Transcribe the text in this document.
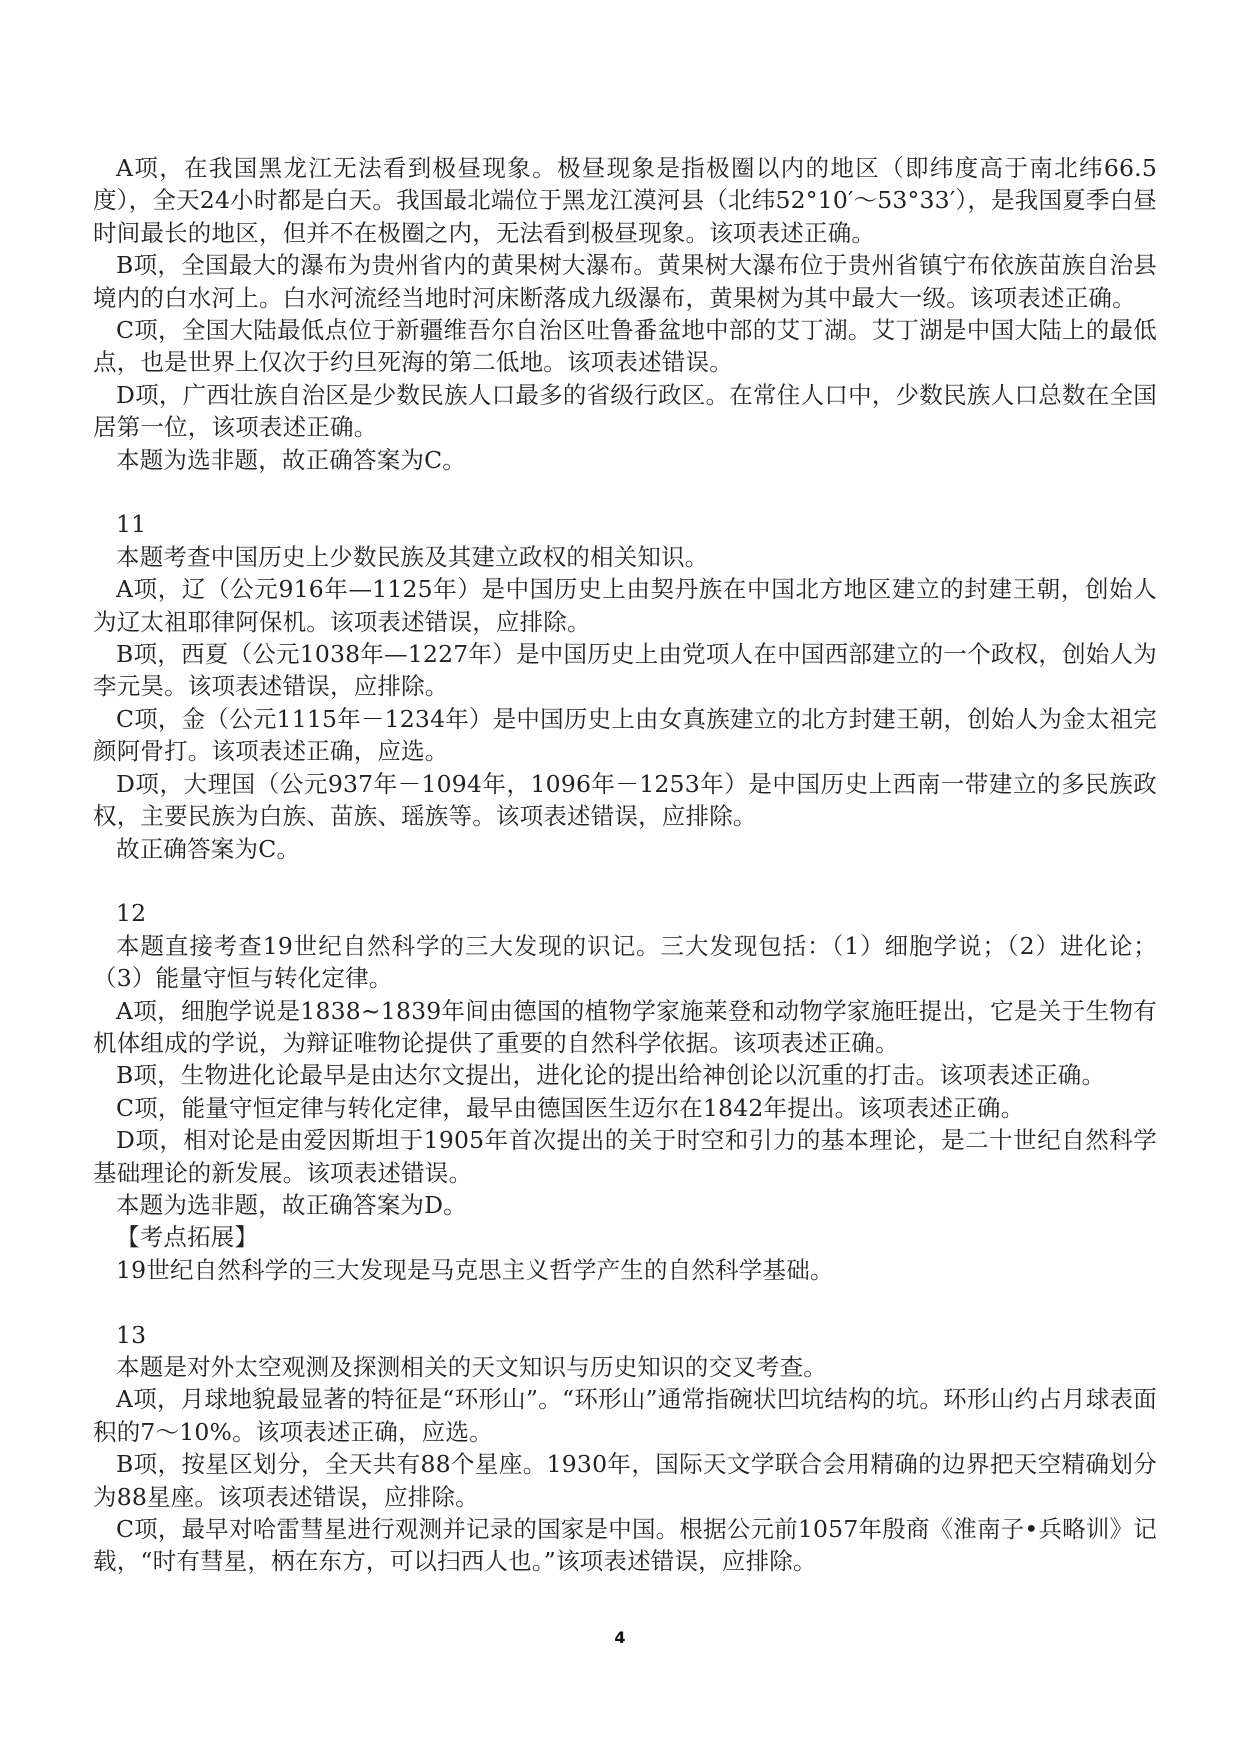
A项，在我国黑龙江无法看到极昼现象。极昼现象是指极圈以内的地区（即纬度高于南北纬66.5度），全天24小时都是白天。我国最北端位于黑龙江漠河县（北纬52°10′～53°33′），是我国夏季白昼时间最长的地区，但并不在极圈之内，无法看到极昼现象。该项表述正确。

B项，全国最大的瀑布为贵州省内的黄果树大瀑布。黄果树大瀑布位于贵州省镇宁布依族苗族自治县境内的白水河上。白水河流经当地时河床断落成九级瀑布，黄果树为其中最大一级。该项表述正确。

C项，全国大陆最低点位于新疆维吾尔自治区吐鲁番盆地中部的艾丁湖。艾丁湖是中国大陆上的最低点，也是世界上仅次于约旦死海的第二低地。该项表述错误。

D项，广西壮族自治区是少数民族人口最多的省级行政区。在常住人口中，少数民族人口总数在全国居第一位，该项表述正确。

本题为选非题，故正确答案为C。

11

本题考查中国历史上少数民族及其建立政权的相关知识。

A项，辽（公元916年—1125年）是中国历史上由契丹族在中国北方地区建立的封建王朝，创始人为辽太祖耶律阿保机。该项表述错误，应排除。

B项，西夏（公元1038年—1227年）是中国历史上由党项人在中国西部建立的一个政权，创始人为李元昊。该项表述错误，应排除。

C项，金（公元1115年－1234年）是中国历史上由女真族建立的北方封建王朝，创始人为金太祖完颜阿骨打。该项表述正确，应选。

D项，大理国（公元937年－1094年，1096年－1253年）是中国历史上西南一带建立的多民族政权，主要民族为白族、苗族、瑶族等。该项表述错误，应排除。

故正确答案为C。

12

本题直接考查19世纪自然科学的三大发现的识记。三大发现包括：（1）细胞学说；（2）进化论；（3）能量守恒与转化定律。

A项，细胞学说是1838~1839年间由德国的植物学家施莱登和动物学家施旺提出，它是关于生物有机体组成的学说，为辩证唯物论提供了重要的自然科学依据。该项表述正确。

B项，生物进化论最早是由达尔文提出，进化论的提出给神创论以沉重的打击。该项表述正确。

C项，能量守恒定律与转化定律，最早由德国医生迈尔在1842年提出。该项表述正确。

D项，相对论是由爱因斯坦于1905年首次提出的关于时空和引力的基本理论，是二十世纪自然科学基础理论的新发展。该项表述错误。

本题为选非题，故正确答案为D。

【考点拓展】

19世纪自然科学的三大发现是马克思主义哲学产生的自然科学基础。

13

本题是对外太空观测及探测相关的天文知识与历史知识的交叉考查。

A项，月球地貌最显著的特征是“环形山”。“环形山”通常指碗状凹坑结构的坑。环形山约占月球表面积的7～10%。该项表述正确，应选。

B项，按星区划分，全天共有88个星座。1930年，国际天文学联合会用精确的边界把天空精确划分为88星座。该项表述错误，应排除。

C项，最早对哈雷彗星进行观测并记录的国家是中国。根据公元前1057年殷商《淮南子•兵略训》记载，“时有彗星，柄在东方，可以扫西人也。”该项表述错误，应排除。

4
